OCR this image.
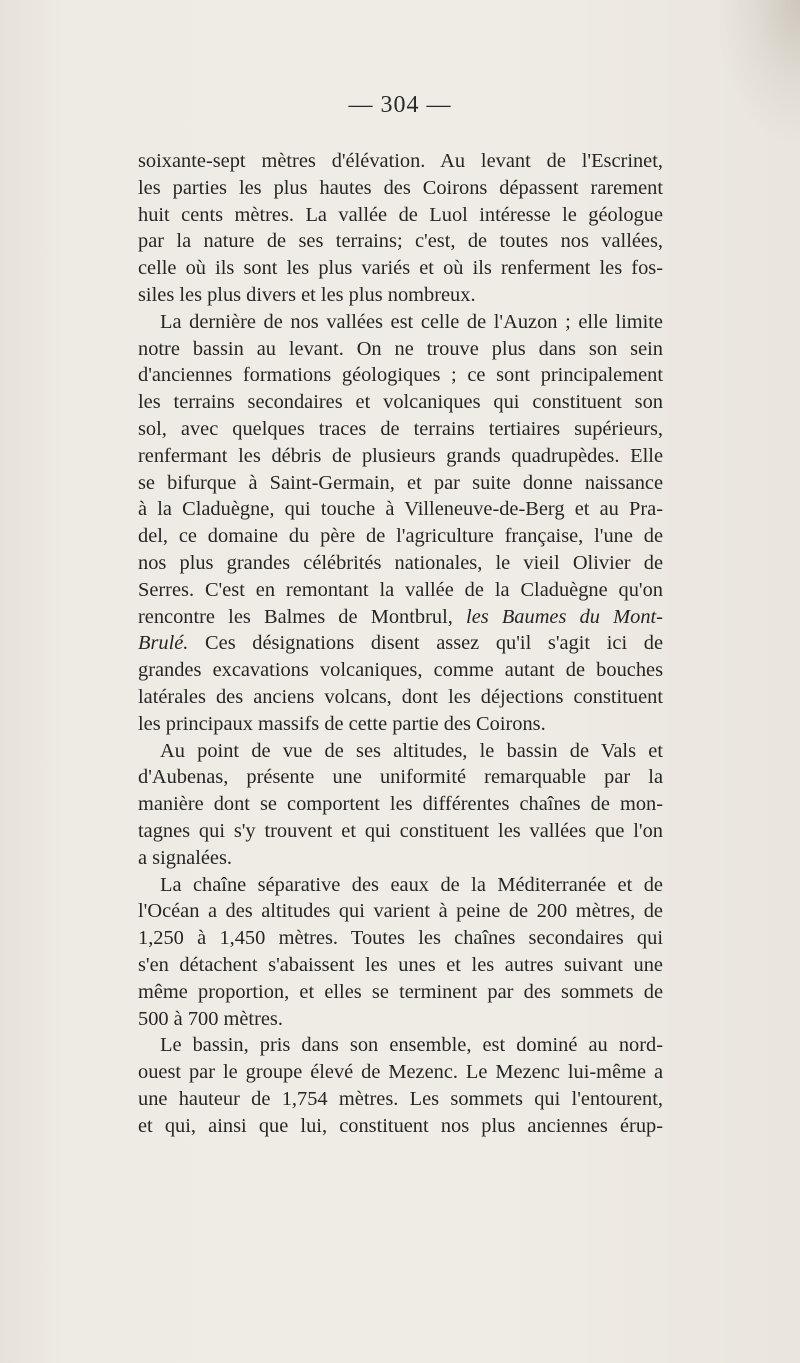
— 304 —

soixante-sept mètres d'élévation. Au levant de l'Escrinet,

les parties les plus hautes des Coirons dépassent rarement

huit cents mètres. La vallée de Luol intéresse le géologue

par la nature de ses terrains; c'est, de toutes nos vallées,

celle où ils sont les plus variés et où ils renferment les fos-

siles les plus divers et les plus nombreux.

La dernière de nos vallées est celle de l'Auzon ; elle limite

notre bassin au levant. On ne trouve plus dans son sein

d'anciennes formations géologiques ; ce sont principalement

les terrains secondaires et volcaniques qui constituent son

sol, avec quelques traces de terrains tertiaires supérieurs,

renfermant les débris de plusieurs grands quadrupèdes. Elle

se bifurque à Saint-Germain, et par suite donne naissance

à la Claduègne, qui touche à Villeneuve-de-Berg et au Pra-

del, ce domaine du père de l'agriculture française, l'une de

nos plus grandes célébrités nationales, le vieil Olivier de

Serres. C'est en remontant la vallée de la Claduègne qu'on

rencontre les Balmes de Montbrul, les Baumes du Mont-

Brulé. Ces désignations disent assez qu'il s'agit ici de

grandes excavations volcaniques, comme autant de bouches

latérales des anciens volcans, dont les déjections constituent

les principaux massifs de cette partie des Coirons.

Au point de vue de ses altitudes, le bassin de Vals et

d'Aubenas, présente une uniformité remarquable par la

manière dont se comportent les différentes chaînes de mon-

tagnes qui s'y trouvent et qui constituent les vallées que l'on

a signalées.

La chaîne séparative des eaux de la Méditerranée et de

l'Océan a des altitudes qui varient à peine de 200 mètres, de

1,250 à 1,450 mètres. Toutes les chaînes secondaires qui

s'en détachent s'abaissent les unes et les autres suivant une

même proportion, et elles se terminent par des sommets de

500 à 700 mètres.

Le bassin, pris dans son ensemble, est dominé au nord-

ouest par le groupe élevé de Mezenc. Le Mezenc lui-même a

une hauteur de 1,754 mètres. Les sommets qui l'entourent,

et qui, ainsi que lui, constituent nos plus anciennes érup-
